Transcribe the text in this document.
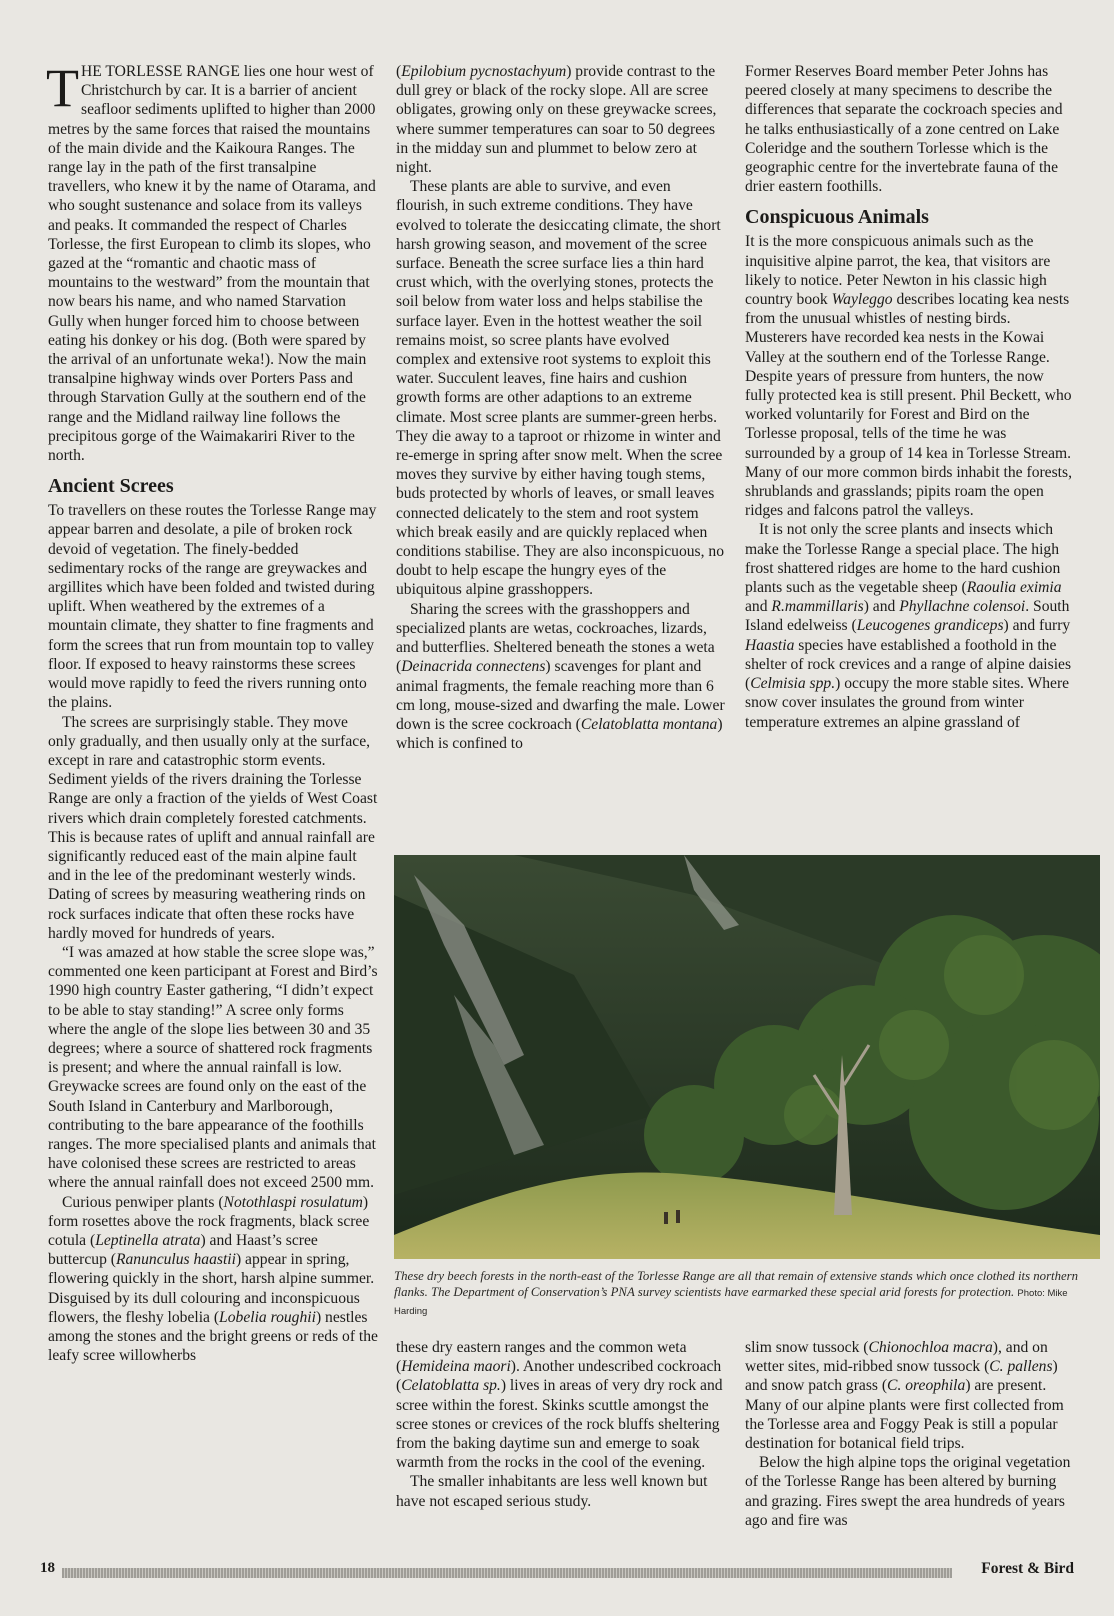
THE TORLESSE RANGE lies one hour west of Christchurch by car. It is a barrier of ancient seafloor sediments uplifted to higher than 2000 metres by the same forces that raised the mountains of the main divide and the Kaikoura Ranges. The range lay in the path of the first transalpine travellers, who knew it by the name of Otarama, and who sought sustenance and solace from its valleys and peaks. It commanded the respect of Charles Torlesse, the first European to climb its slopes, who gazed at the “romantic and chaotic mass of mountains to the westward” from the mountain that now bears his name, and who named Starvation Gully when hunger forced him to choose between eating his donkey or his dog. (Both were spared by the arrival of an unfortunate weka!). Now the main transalpine highway winds over Porters Pass and through Starvation Gully at the southern end of the range and the Midland railway line follows the precipitous gorge of the Waimakariri River to the north.

Ancient Screes

To travellers on these routes the Torlesse Range may appear barren and desolate, a pile of broken rock devoid of vegetation. The finely-bedded sedimentary rocks of the range are greywackes and argillites which have been folded and twisted during uplift. When weathered by the extremes of a mountain climate, they shatter to fine fragments and form the screes that run from mountain top to valley floor. If exposed to heavy rainstorms these screes would move rapidly to feed the rivers running onto the plains.

The screes are surprisingly stable. They move only gradually, and then usually only at the surface, except in rare and catastrophic storm events. Sediment yields of the rivers draining the Torlesse Range are only a fraction of the yields of West Coast rivers which drain completely forested catchments. This is because rates of uplift and annual rainfall are significantly reduced east of the main alpine fault and in the lee of the predominant westerly winds. Dating of screes by measuring weathering rinds on rock surfaces indicate that often these rocks have hardly moved for hundreds of years.

“I was amazed at how stable the scree slope was,” commented one keen participant at Forest and Bird’s 1990 high country Easter gathering, “I didn’t expect to be able to stay standing!” A scree only forms where the angle of the slope lies between 30 and 35 degrees; where a source of shattered rock fragments is present; and where the annual rainfall is low. Greywacke screes are found only on the east of the South Island in Canterbury and Marlborough, contributing to the bare appearance of the foothills ranges. The more specialised plants and animals that have colonised these screes are restricted to areas where the annual rainfall does not exceed 2500 mm.

Curious penwiper plants (Notothlaspi rosulatum) form rosettes above the rock fragments, black scree cotula (Leptinella atrata) and Haast’s scree buttercup (Ranunculus haastii) appear in spring, flowering quickly in the short, harsh alpine summer. Disguised by its dull colouring and inconspicuous flowers, the fleshy lobelia (Lobelia roughii) nestles among the stones and the bright greens or reds of the leafy scree willowherbs

(Epilobium pycnostachyum) provide contrast to the dull grey or black of the rocky slope. All are scree obligates, growing only on these greywacke screes, where summer temperatures can soar to 50 degrees in the midday sun and plummet to below zero at night.

These plants are able to survive, and even flourish, in such extreme conditions. They have evolved to tolerate the desiccating climate, the short harsh growing season, and movement of the scree surface. Beneath the scree surface lies a thin hard crust which, with the overlying stones, protects the soil below from water loss and helps stabilise the surface layer. Even in the hottest weather the soil remains moist, so scree plants have evolved complex and extensive root systems to exploit this water. Succulent leaves, fine hairs and cushion growth forms are other adaptions to an extreme climate. Most scree plants are summer-green herbs. They die away to a taproot or rhizome in winter and re-emerge in spring after snow melt. When the scree moves they survive by either having tough stems, buds protected by whorls of leaves, or small leaves connected delicately to the stem and root system which break easily and are quickly replaced when conditions stabilise. They are also inconspicuous, no doubt to help escape the hungry eyes of the ubiquitous alpine grasshoppers.

Sharing the screes with the grasshoppers and specialized plants are wetas, cockroaches, lizards, and butterflies. Sheltered beneath the stones a weta (Deinacrida connectens) scavenges for plant and animal fragments, the female reaching more than 6 cm long, mouse-sized and dwarfing the male. Lower down is the scree cockroach (Celatoblatta montana) which is confined to

Former Reserves Board member Peter Johns has peered closely at many specimens to describe the differences that separate the cockroach species and he talks enthusiastically of a zone centred on Lake Coleridge and the southern Torlesse which is the geographic centre for the invertebrate fauna of the drier eastern foothills.

Conspicuous Animals

It is the more conspicuous animals such as the inquisitive alpine parrot, the kea, that visitors are likely to notice. Peter Newton in his classic high country book Wayleggo describes locating kea nests from the unusual whistles of nesting birds. Musterers have recorded kea nests in the Kowai Valley at the southern end of the Torlesse Range. Despite years of pressure from hunters, the now fully protected kea is still present. Phil Beckett, who worked voluntarily for Forest and Bird on the Torlesse proposal, tells of the time he was surrounded by a group of 14 kea in Torlesse Stream. Many of our more common birds inhabit the forests, shrublands and grasslands; pipits roam the open ridges and falcons patrol the valleys.

It is not only the scree plants and insects which make the Torlesse Range a special place. The high frost shattered ridges are home to the hard cushion plants such as the vegetable sheep (Raoulia eximia and R.mammillaris) and Phyllachne colensoi. South Island edelweiss (Leucogenes grandiceps) and furry Haastia species have established a foothold in the shelter of rock crevices and a range of alpine daisies (Celmisia spp.) occupy the more stable sites. Where snow cover insulates the ground from winter temperature extremes an alpine grassland of

These dry beech forests in the north-east of the Torlesse Range are all that remain of extensive stands which once clothed its northern flanks. The Department of Conservation’s PNA survey scientists have earmarked these special arid forests for protection. Photo: Mike Harding

these dry eastern ranges and the common weta (Hemideina maori). Another undescribed cockroach (Celatoblatta sp.) lives in areas of very dry rock and scree within the forest. Skinks scuttle amongst the scree stones or crevices of the rock bluffs sheltering from the baking daytime sun and emerge to soak warmth from the rocks in the cool of the evening.

The smaller inhabitants are less well known but have not escaped serious study.

slim snow tussock (Chionochloa macra), and on wetter sites, mid-ribbed snow tussock (C. pallens) and snow patch grass (C. oreophila) are present. Many of our alpine plants were first collected from the Torlesse area and Foggy Peak is still a popular destination for botanical field trips.

Below the high alpine tops the original vegetation of the Torlesse Range has been altered by burning and grazing. Fires swept the area hundreds of years ago and fire was

18	Forest & Bird
